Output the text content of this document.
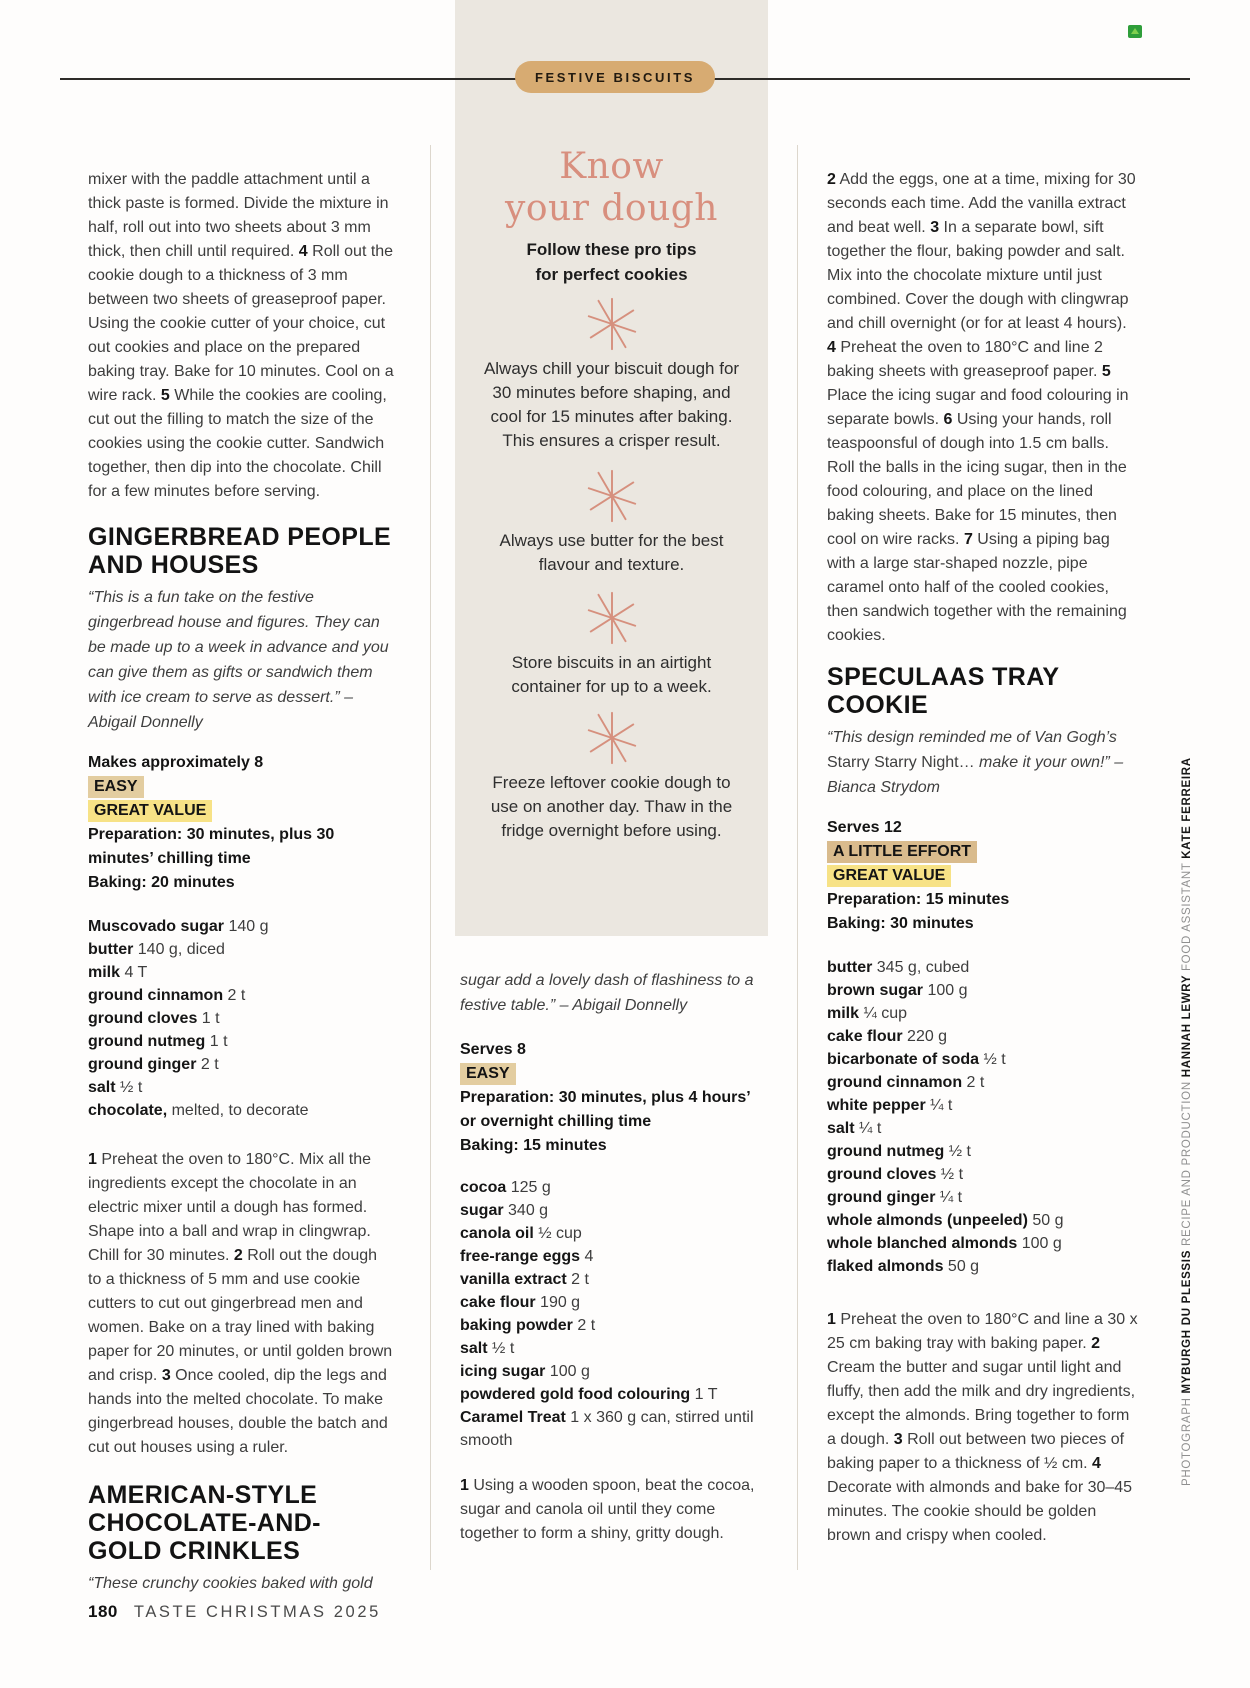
FESTIVE BISCUITS

mixer with the paddle attachment until a thick paste is formed. Divide the mixture in half, roll out into two sheets about 3 mm thick, then chill until required. 4 Roll out the cookie dough to a thickness of 3 mm between two sheets of greaseproof paper. Using the cookie cutter of your choice, cut out cookies and place on the prepared baking tray. Bake for 10 minutes. Cool on a wire rack. 5 While the cookies are cooling, cut out the filling to match the size of the cookies using the cookie cutter. Sandwich together, then dip into the chocolate. Chill for a few minutes before serving.

GINGERBREAD PEOPLE
AND HOUSES
“This is a fun take on the festive gingerbread house and figures. They can be made up to a week in advance and you can give them as gifts or sandwich them with ice cream to serve as dessert.” – Abigail Donnelly
Makes approximately 8
EASY
GREAT VALUE
Preparation: 30 minutes, plus 30 minutes’ chilling time
Baking: 20 minutes
Muscovado sugar 140 g
butter 140 g, diced
milk 4 T
ground cinnamon 2 t
ground cloves 1 t
ground nutmeg 1 t
ground ginger 2 t
salt ½ t
chocolate, melted, to decorate

1 Preheat the oven to 180°C. Mix all the ingredients except the chocolate in an electric mixer until a dough has formed. Shape into a ball and wrap in clingwrap. Chill for 30 minutes. 2 Roll out the dough to a thickness of 5 mm and use cookie cutters to cut out gingerbread men and women. Bake on a tray lined with baking paper for 20 minutes, or until golden brown and crisp. 3 Once cooled, dip the legs and hands into the melted chocolate. To make gingerbread houses, double the batch and cut out houses using a ruler.

AMERICAN-STYLE
CHOCOLATE-AND-
GOLD CRINKLES
“These crunchy cookies baked with gold
Know
your dough
Follow these pro tips
for perfect cookies
Always chill your biscuit dough for 30 minutes before shaping, and cool for 15 minutes after baking. This ensures a crisper result.
Always use butter for the best flavour and texture.
Store biscuits in an airtight container for up to a week.
Freeze leftover cookie dough to use on another day. Thaw in the fridge overnight before using.
sugar add a lovely dash of flashiness to a festive table.” – Abigail Donnelly
Serves 8
EASY
Preparation: 30 minutes, plus 4 hours’ or overnight chilling time
Baking: 15 minutes
cocoa 125 g
sugar 340 g
canola oil ½ cup
free-range eggs 4
vanilla extract 2 t
cake flour 190 g
baking powder 2 t
salt ½ t
icing sugar 100 g
powdered gold food colouring 1 T
Caramel Treat 1 x 360 g can, stirred until smooth

1 Using a wooden spoon, beat the cocoa, sugar and canola oil until they come together to form a shiny, gritty dough.

2 Add the eggs, one at a time, mixing for 30 seconds each time. Add the vanilla extract and beat well. 3 In a separate bowl, sift together the flour, baking powder and salt. Mix into the chocolate mixture until just combined. Cover the dough with clingwrap and chill overnight (or for at least 4 hours). 4 Preheat the oven to 180°C and line 2 baking sheets with greaseproof paper. 5 Place the icing sugar and food colouring in separate bowls. 6 Using your hands, roll teaspoonsful of dough into 1.5 cm balls. Roll the balls in the icing sugar, then in the food colouring, and place on the lined baking sheets. Bake for 15 minutes, then cool on wire racks. 7 Using a piping bag with a large star-shaped nozzle, pipe caramel onto half of the cooled cookies, then sandwich together with the remaining cookies.

SPECULAAS TRAY
COOKIE
“This design reminded me of Van Gogh’s Starry Starry Night… make it your own!” – Bianca Strydom
Serves 12
A LITTLE EFFORT
GREAT VALUE
Preparation: 15 minutes
Baking: 30 minutes
butter 345 g, cubed
brown sugar 100 g
milk ¼ cup
cake flour 220 g
bicarbonate of soda ½ t
ground cinnamon 2 t
white pepper ¼ t
salt ¼ t
ground nutmeg ½ t
ground cloves ½ t
ground ginger ¼ t
whole almonds (unpeeled) 50 g
whole blanched almonds 100 g
flaked almonds 50 g

1 Preheat the oven to 180°C and line a 30 x 25 cm baking tray with baking paper. 2 Cream the butter and sugar until light and fluffy, then add the milk and dry ingredients, except the almonds. Bring together to form a dough. 3 Roll out between two pieces of baking paper to a thickness of ½ cm. 4 Decorate with almonds and bake for 30–45 minutes. The cookie should be golden brown and crispy when cooled.

PHOTOGRAPH MYBURGH DU PLESSIS RECIPE AND PRODUCTION HANNAH LEWRY FOOD ASSISTANT KATE FERREIRA
180 TASTE CHRISTMAS 2025
